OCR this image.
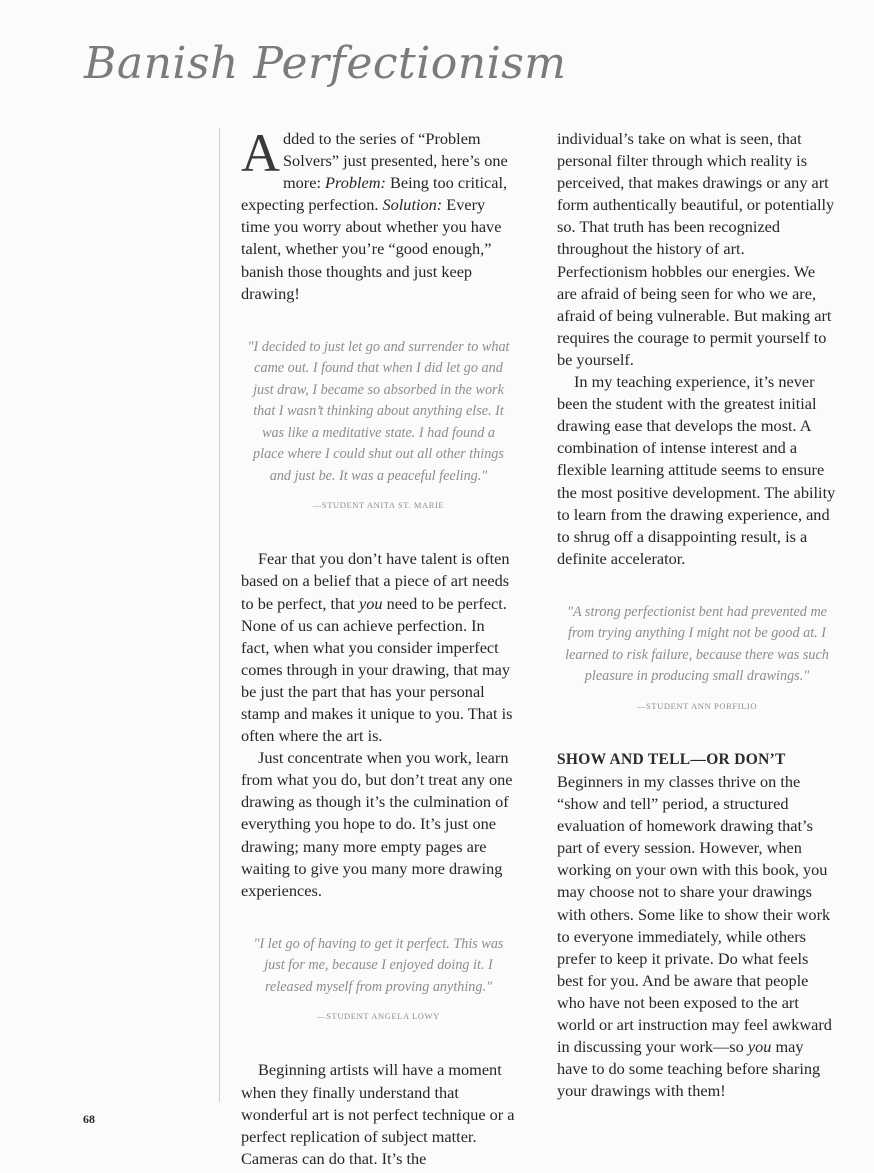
Banish Perfectionism

Added to the series of “Problem Solvers” just presented, here’s one more: Problem: Being too critical, expecting perfection. Solution: Every time you worry about whether you have talent, whether you’re “good enough,” banish those thoughts and just keep drawing!

"I decided to just let go and surrender to what came out. I found that when I did let go and just draw, I became so absorbed in the work that I wasn’t thinking about anything else. It was like a meditative state. I had found a place where I could shut out all other things and just be. It was a peaceful feeling."
—STUDENT ANITA ST. MARIE

Fear that you don’t have talent is often based on a belief that a piece of art needs to be perfect, that you need to be perfect. None of us can achieve perfection. In fact, when what you consider imperfect comes through in your drawing, that may be just the part that has your personal stamp and makes it unique to you. That is often where the art is.

Just concentrate when you work, learn from what you do, but don’t treat any one drawing as though it’s the culmination of everything you hope to do. It’s just one drawing; many more empty pages are waiting to give you many more drawing experiences.

"I let go of having to get it perfect. This was just for me, because I enjoyed doing it. I released myself from proving anything."
—STUDENT ANGELA LOWY

Beginning artists will have a moment when they finally understand that wonderful art is not perfect technique or a perfect replication of subject matter. Cameras can do that. It’s the

individual’s take on what is seen, that personal filter through which reality is perceived, that makes drawings or any art form authentically beautiful, or potentially so. That truth has been recognized throughout the history of art. Perfectionism hobbles our energies. We are afraid of being seen for who we are, afraid of being vulnerable. But making art requires the courage to permit yourself to be yourself.

In my teaching experience, it’s never been the student with the greatest initial drawing ease that develops the most. A combination of intense interest and a flexible learning attitude seems to ensure the most positive development. The ability to learn from the drawing experience, and to shrug off a disappointing result, is a definite accelerator.

"A strong perfectionist bent had prevented me from trying anything I might not be good at. I learned to risk failure, because there was such pleasure in producing small drawings."
—STUDENT ANN PORFILIO
SHOW AND TELL—OR DON’T

Beginners in my classes thrive on the “show and tell” period, a structured evaluation of homework drawing that’s part of every session. However, when working on your own with this book, you may choose not to share your drawings with others. Some like to show their work to everyone immediately, while others prefer to keep it private. Do what feels best for you. And be aware that people who have not been exposed to the art world or art instruction may feel awkward in discussing your work—so you may have to do some teaching before sharing your drawings with them!

68
